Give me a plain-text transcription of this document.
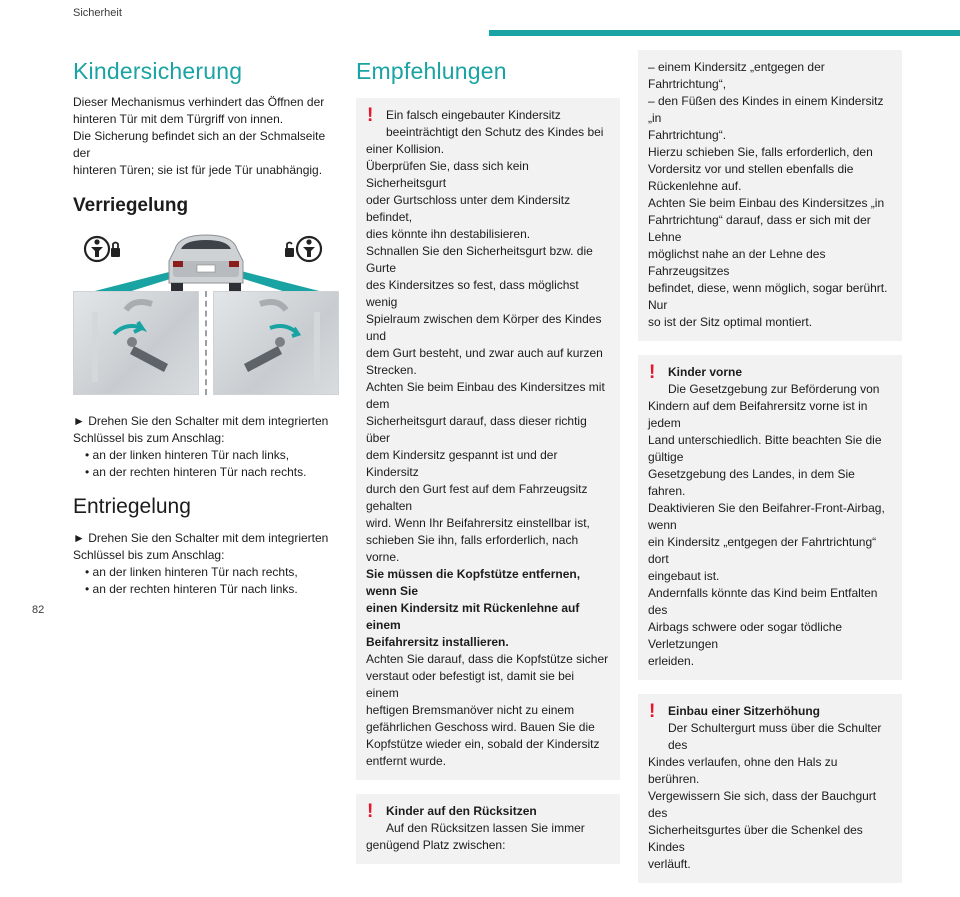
Sicherheit
82
Kindersicherung
Dieser Mechanismus verhindert das Öffnen der
hinteren Tür mit dem Türgriff von innen.
Die Sicherung befindet sich an der Schmalseite der
hinteren Türen; sie ist für jede Tür unabhängig.
Verriegelung
► Drehen Sie den Schalter mit dem integrierten
Schlüssel bis zum Anschlag:
• an der linken hinteren Tür nach links,
• an der rechten hinteren Tür nach rechts.
Entriegelung
► Drehen Sie den Schalter mit dem integrierten
Schlüssel bis zum Anschlag:
• an der linken hinteren Tür nach rechts,
• an der rechten hinteren Tür nach links.
Empfehlungen
!	Ein falsch eingebauter Kindersitz
beeinträchtigt den Schutz des Kindes bei
einer Kollision.
Überprüfen Sie, dass sich kein Sicherheitsgurt
oder Gurtschloss unter dem Kindersitz befindet,
dies könnte ihn destabilisieren.
Schnallen Sie den Sicherheitsgurt bzw. die Gurte
des Kindersitzes so fest, dass möglichst wenig
Spielraum zwischen dem Körper des Kindes und
dem Gurt besteht, und zwar auch auf kurzen
Strecken.
Achten Sie beim Einbau des Kindersitzes mit dem
Sicherheitsgurt darauf, dass dieser richtig über
dem Kindersitz gespannt ist und der Kindersitz
durch den Gurt fest auf dem Fahrzeugsitz gehalten
wird. Wenn Ihr Beifahrersitz einstellbar ist,
schieben Sie ihn, falls erforderlich, nach vorne.
Sie müssen die Kopfstütze entfernen, wenn Sie
einen Kindersitz mit Rückenlehne auf einem
Beifahrersitz installieren.
Achten Sie darauf, dass die Kopfstütze sicher
verstaut oder befestigt ist, damit sie bei einem
heftigen Bremsmanöver nicht zu einem
gefährlichen Geschoss wird. Bauen Sie die
Kopfstütze wieder ein, sobald der Kindersitz
entfernt wurde.
!	Kinder auf den Rücksitzen
Auf den Rücksitzen lassen Sie immer
genügend Platz zwischen:
– einem Kindersitz „entgegen der Fahrtrichtung“,
– den Füßen des Kindes in einem Kindersitz „in
Fahrtrichtung“.
Hierzu schieben Sie, falls erforderlich, den
Vordersitz vor und stellen ebenfalls die
Rückenlehne auf.
Achten Sie beim Einbau des Kindersitzes „in
Fahrtrichtung“ darauf, dass er sich mit der Lehne
möglichst nahe an der Lehne des Fahrzeugsitzes
befindet, diese, wenn möglich, sogar berührt. Nur
so ist der Sitz optimal montiert.
!	Kinder vorne
Die Gesetzgebung zur Beförderung von
Kindern auf dem Beifahrersitz vorne ist in jedem
Land unterschiedlich. Bitte beachten Sie die gültige
Gesetzgebung des Landes, in dem Sie fahren.
Deaktivieren Sie den Beifahrer-Front-Airbag, wenn
ein Kindersitz „entgegen der Fahrtrichtung“ dort
eingebaut ist.
Andernfalls könnte das Kind beim Entfalten des
Airbags schwere oder sogar tödliche Verletzungen
erleiden.
!	Einbau einer Sitzerhöhung
Der Schultergurt muss über die Schulter des
Kindes verlaufen, ohne den Hals zu berühren.
Vergewissern Sie sich, dass der Bauchgurt des
Sicherheitsgurtes über die Schenkel des Kindes
verläuft.
